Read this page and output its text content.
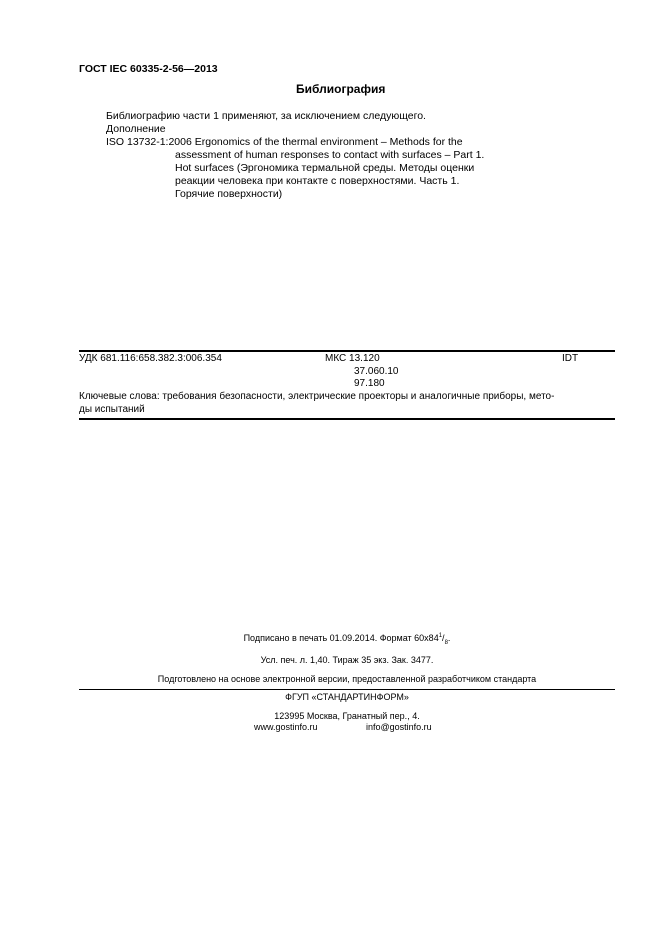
ГОСТ IEC 60335-2-56—2013
Библиография
Библиографию части 1 применяют, за исключением следующего.
Дополнение
ISO 13732-1:2006 Ergonomics of the thermal environment – Methods for the
assessment of human responses to contact with surfaces – Part 1.
Hot surfaces (Эргономика термальной среды. Методы оценки
реакции человека при контакте с поверхностями. Часть 1.
Горячие поверхности)
УДК 681.116:658.382.3:006.354	МКС 13.120
37.060.10
97.180
IDT
Ключевые слова: требования безопасности, электрические проекторы и аналогичные приборы, мето-
ды испытаний
Подписано в печать 01.09.2014. Формат $60х84^1/_8$.
Усл. печ. л. 1,40. Тираж 35 экз. Зак. 3477.
Подготовлено на основе электронной версии, предоставленной разработчиком стандарта
ФГУП «СТАНДАРТИНФОРМ»
123995 Москва, Гранатный пер., 4.
www.gostinfo.ru	info@gostinfo.ru
